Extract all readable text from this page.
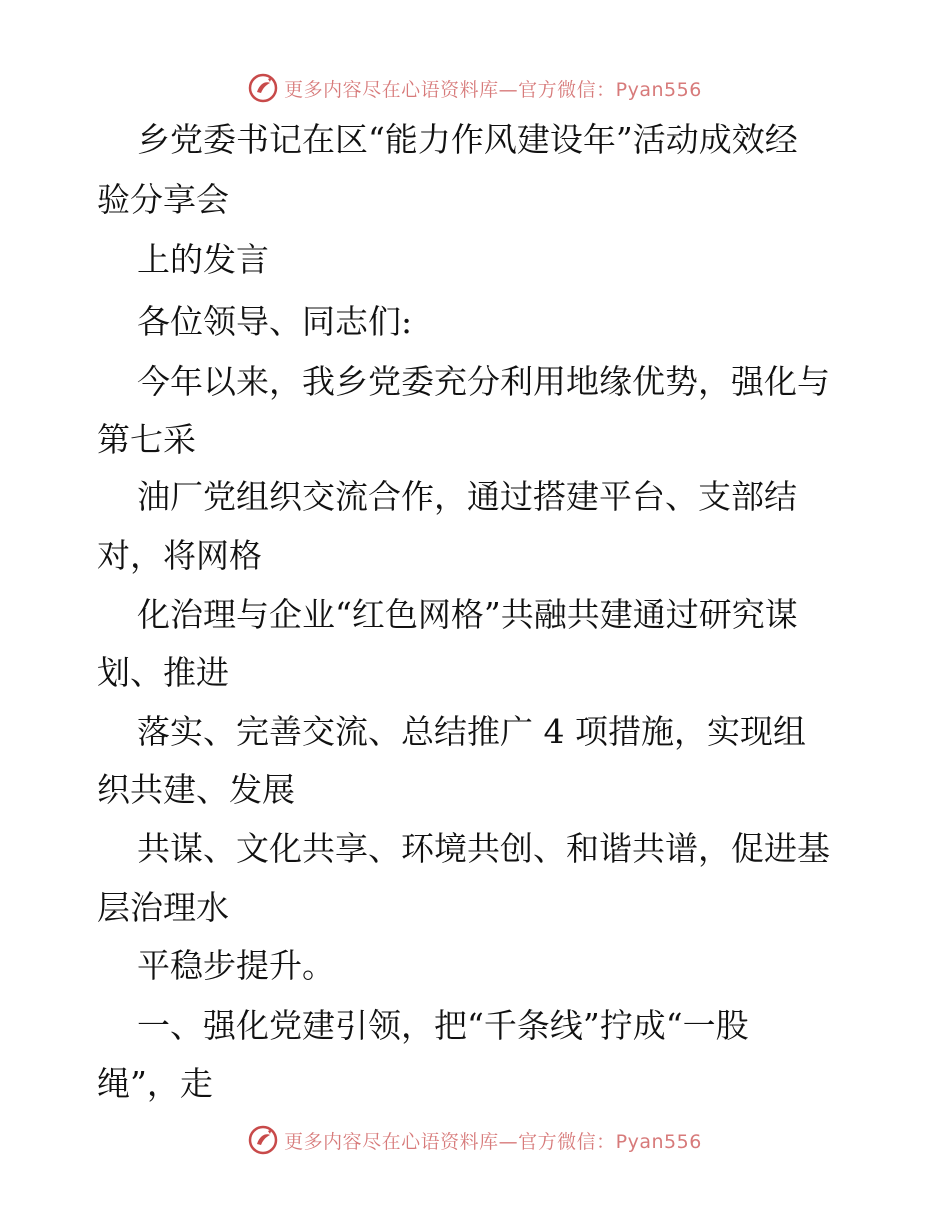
更多内容尽在心语资料库—官方微信：Pyan556
乡党委书记在区“能力作风建设年”活动成效经
验分享会
上的发言
各位领导、同志们:
今年以来，我乡党委充分利用地缘优势，强化与
第七采
油厂党组织交流合作，通过搭建平台、支部结
对，将网格
化治理与企业“红色网格”共融共建通过研究谋
划、推进
落实、完善交流、总结推广 4 项措施，实现组
织共建、发展
共谋、文化共享、环境共创、和谐共谱，促进基
层治理水
平稳步提升。
一、强化党建引领，把“千条线”拧成“一股
绳”，走
更多内容尽在心语资料库—官方微信：Pyan556
